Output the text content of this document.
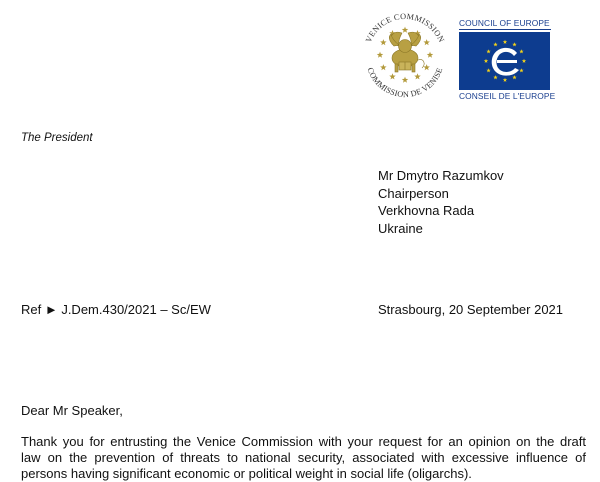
VENICE COMMISSION
COMMISSION DE VENISE
COUNCIL OF EUROPE
CONSEIL DE L'EUROPE
The President
Mr Dmytro Razumkov
Chairperson
Verkhovna Rada
Ukraine
Ref ► J.Dem.430/2021 – Sc/EW	Strasbourg, 20 September 2021
Dear Mr Speaker,
Thank you for entrusting the Venice Commission with your request for an opinion on the draft
law on the prevention of threats to national security, associated with excessive influence of
persons having significant economic or political weight in social life (oligarchs).
